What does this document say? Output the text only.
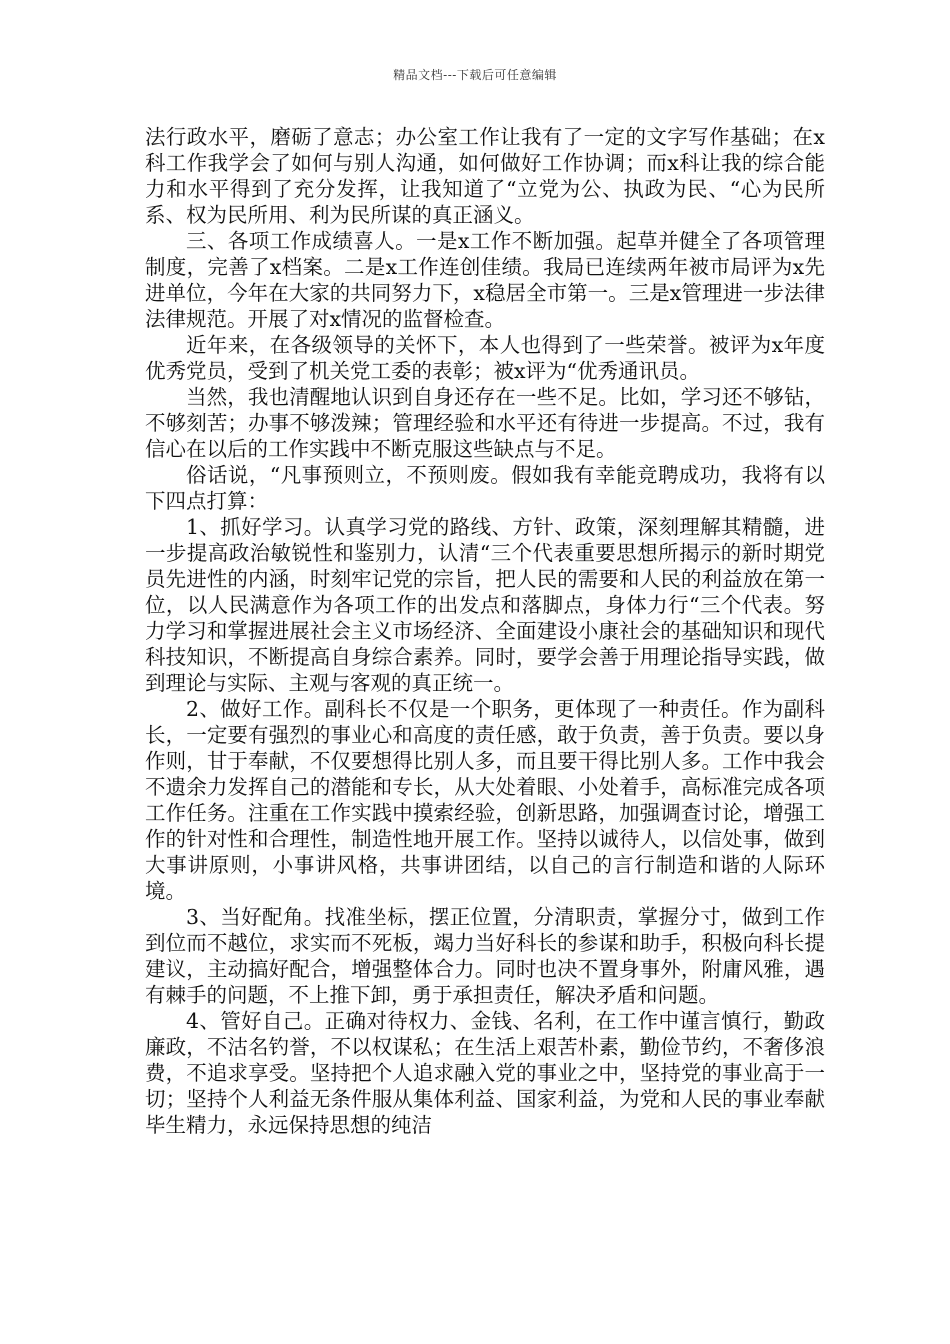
精品文档---下载后可任意编辑

法行政水平，磨砺了意志；办公室工作让我有了一定的文字写作基础；在x科工作我学会了如何与别人沟通，如何做好工作协调；而x科让我的综合能力和水平得到了充分发挥，让我知道了“立党为公、执政为民、“心为民所系、权为民所用、利为民所谋的真正涵义。

三、各项工作成绩喜人。一是x工作不断加强。起草并健全了各项管理制度，完善了x档案。二是x工作连创佳绩。我局已连续两年被市局评为x先进单位，今年在大家的共同努力下，x稳居全市第一。三是x管理进一步法律法律规范。开展了对x情况的监督检查。

近年来，在各级领导的关怀下，本人也得到了一些荣誉。被评为x年度优秀党员，受到了机关党工委的表彰；被x评为“优秀通讯员。

当然，我也清醒地认识到自身还存在一些不足。比如，学习还不够钻，不够刻苦；办事不够泼辣；管理经验和水平还有待进一步提高。不过，我有信心在以后的工作实践中不断克服这些缺点与不足。

俗话说，“凡事预则立，不预则废。假如我有幸能竞聘成功，我将有以下四点打算：

1、抓好学习。认真学习党的路线、方针、政策，深刻理解其精髓，进一步提高政治敏锐性和鉴别力，认清“三个代表重要思想所揭示的新时期党员先进性的内涵，时刻牢记党的宗旨，把人民的需要和人民的利益放在第一位，以人民满意作为各项工作的出发点和落脚点，身体力行“三个代表。努力学习和掌握进展社会主义市场经济、全面建设小康社会的基础知识和现代科技知识，不断提高自身综合素养。同时，要学会善于用理论指导实践，做到理论与实际、主观与客观的真正统一。

2、做好工作。副科长不仅是一个职务，更体现了一种责任。作为副科长，一定要有强烈的事业心和高度的责任感，敢于负责，善于负责。要以身作则，甘于奉献，不仅要想得比别人多，而且要干得比别人多。工作中我会不遗余力发挥自己的潜能和专长，从大处着眼、小处着手，高标准完成各项工作任务。注重在工作实践中摸索经验，创新思路，加强调查讨论，增强工作的针对性和合理性，制造性地开展工作。坚持以诚待人，以信处事，做到大事讲原则，小事讲风格，共事讲团结，以自己的言行制造和谐的人际环境。

3、当好配角。找准坐标，摆正位置，分清职责，掌握分寸，做到工作到位而不越位，求实而不死板，竭力当好科长的参谋和助手，积极向科长提建议，主动搞好配合，增强整体合力。同时也决不置身事外，附庸风雅，遇有棘手的问题，不上推下卸，勇于承担责任，解决矛盾和问题。

4、管好自己。正确对待权力、金钱、名利，在工作中谨言慎行，勤政廉政，不沽名钓誉，不以权谋私；在生活上艰苦朴素，勤俭节约，不奢侈浪费，不追求享受。坚持把个人追求融入党的事业之中，坚持党的事业高于一切；坚持个人利益无条件服从集体利益、国家利益，为党和人民的事业奉献毕生精力，永远保持思想的纯洁
